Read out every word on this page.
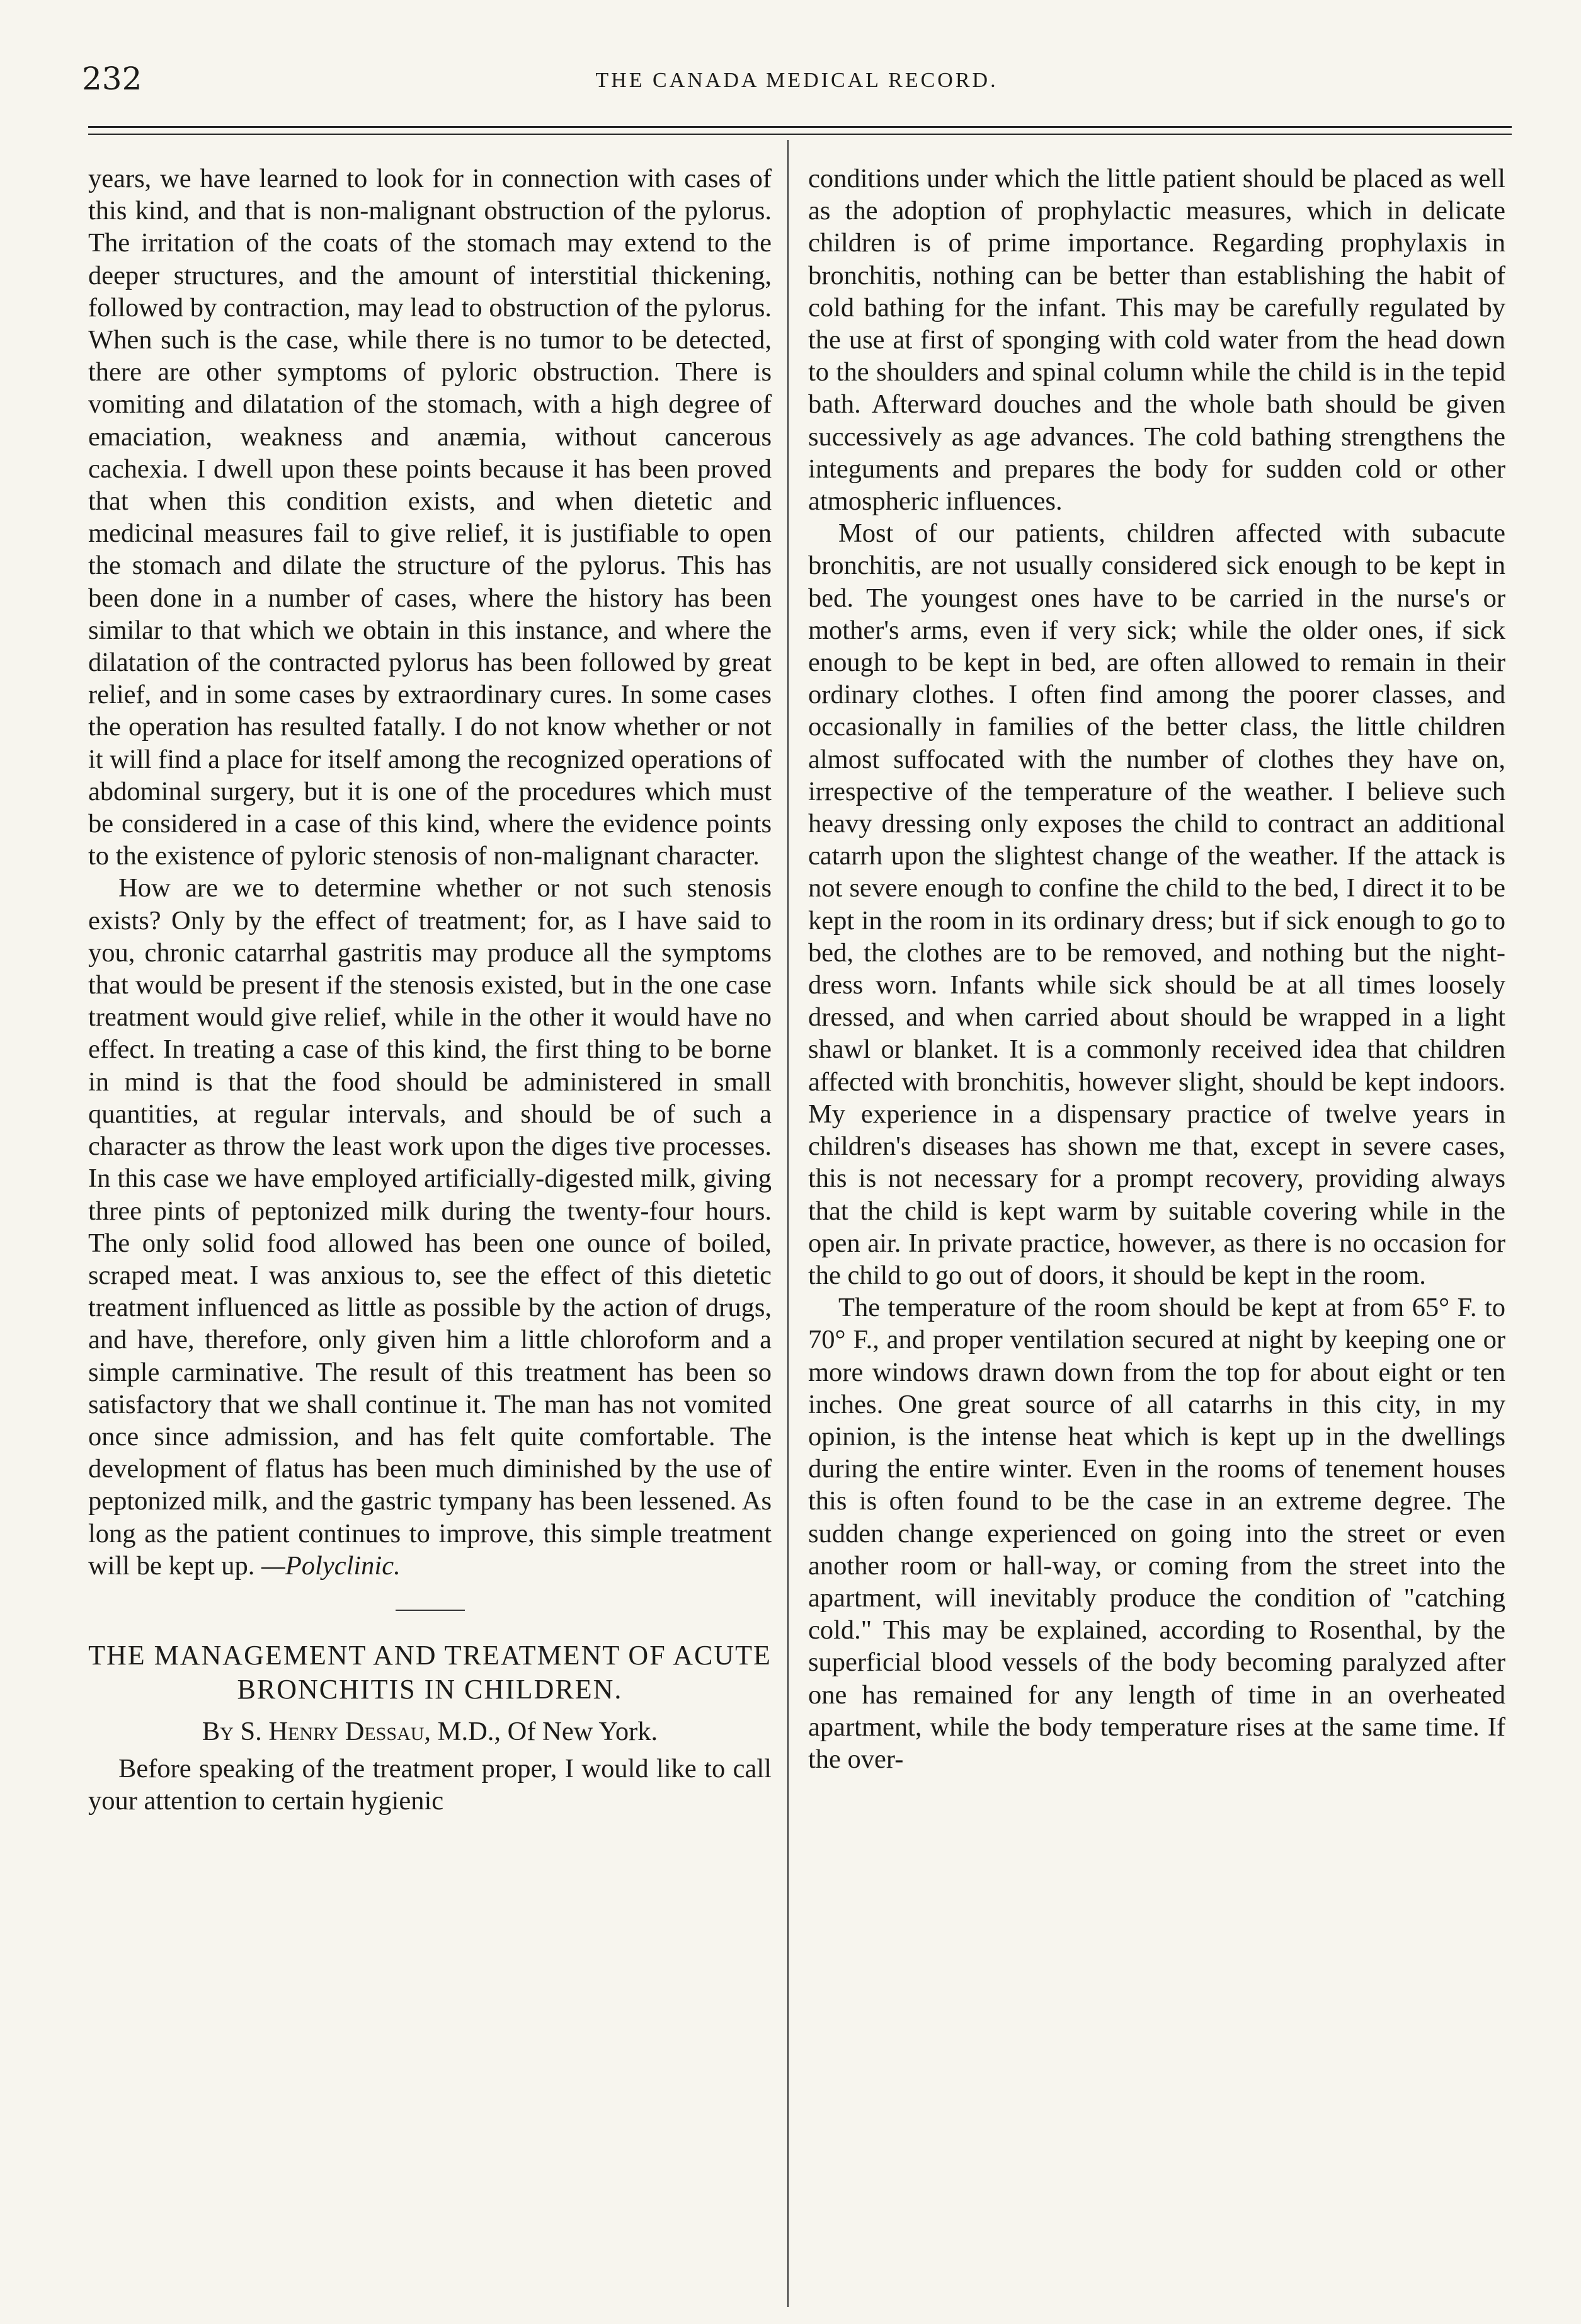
232	THE CANADA MEDICAL RECORD.

years, we have learned to look for in connection with cases of this kind, and that is non-malignant obstruction of the pylorus. The irritation of the coats of the stomach may extend to the deeper structures, and the amount of interstitial thickening, followed by contraction, may lead to obstruction of the pylorus. When such is the case, while there is no tumor to be detected, there are other symptoms of pyloric obstruction. There is vomiting and dilatation of the stomach, with a high degree of emaciation, weakness and anæmia, without cancerous cachexia. I dwell upon these points because it has been proved that when this condition exists, and when dietetic and medicinal measures fail to give relief, it is justifiable to open the stomach and dilate the structure of the pylorus. This has been done in a number of cases, where the history has been similar to that which we obtain in this instance, and where the dilatation of the contracted pylorus has been followed by great relief, and in some cases by extraordinary cures. In some cases the operation has resulted fatally. I do not know whether or not it will find a place for itself among the recognized operations of abdominal surgery, but it is one of the procedures which must be considered in a case of this kind, where the evidence points to the existence of pyloric stenosis of non-malignant character.

How are we to determine whether or not such stenosis exists? Only by the effect of treatment; for, as I have said to you, chronic catarrhal gastritis may produce all the symptoms that would be present if the stenosis existed, but in the one case treatment would give relief, while in the other it would have no effect. In treating a case of this kind, the first thing to be borne in mind is that the food should be administered in small quantities, at regular intervals, and should be of such a character as throw the least work upon the diges tive processes. In this case we have employed artificially-digested milk, giving three pints of peptonized milk during the twenty-four hours. The only solid food allowed has been one ounce of boiled, scraped meat. I was anxious to, see the effect of this dietetic treatment influenced as little as possible by the action of drugs, and have, therefore, only given him a little chloroform and a simple carminative. The result of this treatment has been so satisfactory that we shall continue it. The man has not vomited once since admission, and has felt quite comfortable. The development of flatus has been much diminished by the use of peptonized milk, and the gastric tympany has been lessened. As long as the patient continues to improve, this simple treatment will be kept up. —Polyclinic.

THE MANAGEMENT AND TREATMENT OF ACUTE BRONCHITIS IN CHILDREN.
By S. Henry Dessau, M.D., Of New York.

Before speaking of the treatment proper, I would like to call your attention to certain hygienic

conditions under which the little patient should be placed as well as the adoption of prophylactic measures, which in delicate children is of prime importance. Regarding prophylaxis in bronchitis, nothing can be better than establishing the habit of cold bathing for the infant. This may be carefully regulated by the use at first of sponging with cold water from the head down to the shoulders and spinal column while the child is in the tepid bath. Afterward douches and the whole bath should be given successively as age advances. The cold bathing strengthens the integuments and prepares the body for sudden cold or other atmospheric influences.

Most of our patients, children affected with subacute bronchitis, are not usually considered sick enough to be kept in bed. The youngest ones have to be carried in the nurse's or mother's arms, even if very sick; while the older ones, if sick enough to be kept in bed, are often allowed to remain in their ordinary clothes. I often find among the poorer classes, and occasionally in families of the better class, the little children almost suffocated with the number of clothes they have on, irrespective of the temperature of the weather. I believe such heavy dressing only exposes the child to contract an additional catarrh upon the slightest change of the weather. If the attack is not severe enough to confine the child to the bed, I direct it to be kept in the room in its ordinary dress; but if sick enough to go to bed, the clothes are to be removed, and nothing but the night-dress worn. Infants while sick should be at all times loosely dressed, and when carried about should be wrapped in a light shawl or blanket. It is a commonly received idea that children affected with bronchitis, however slight, should be kept indoors. My experience in a dispensary practice of twelve years in children's diseases has shown me that, except in severe cases, this is not necessary for a prompt recovery, providing always that the child is kept warm by suitable covering while in the open air. In private practice, however, as there is no occasion for the child to go out of doors, it should be kept in the room.

The temperature of the room should be kept at from 65° F. to 70° F., and proper ventilation secured at night by keeping one or more windows drawn down from the top for about eight or ten inches. One great source of all catarrhs in this city, in my opinion, is the intense heat which is kept up in the dwellings during the entire winter. Even in the rooms of tenement houses this is often found to be the case in an extreme degree. The sudden change experienced on going into the street or even another room or hall-way, or coming from the street into the apartment, will inevitably produce the condition of "catching cold." This may be explained, according to Rosenthal, by the superficial blood vessels of the body becoming paralyzed after one has remained for any length of time in an overheated apartment, while the body temperature rises at the same time. If the over-
